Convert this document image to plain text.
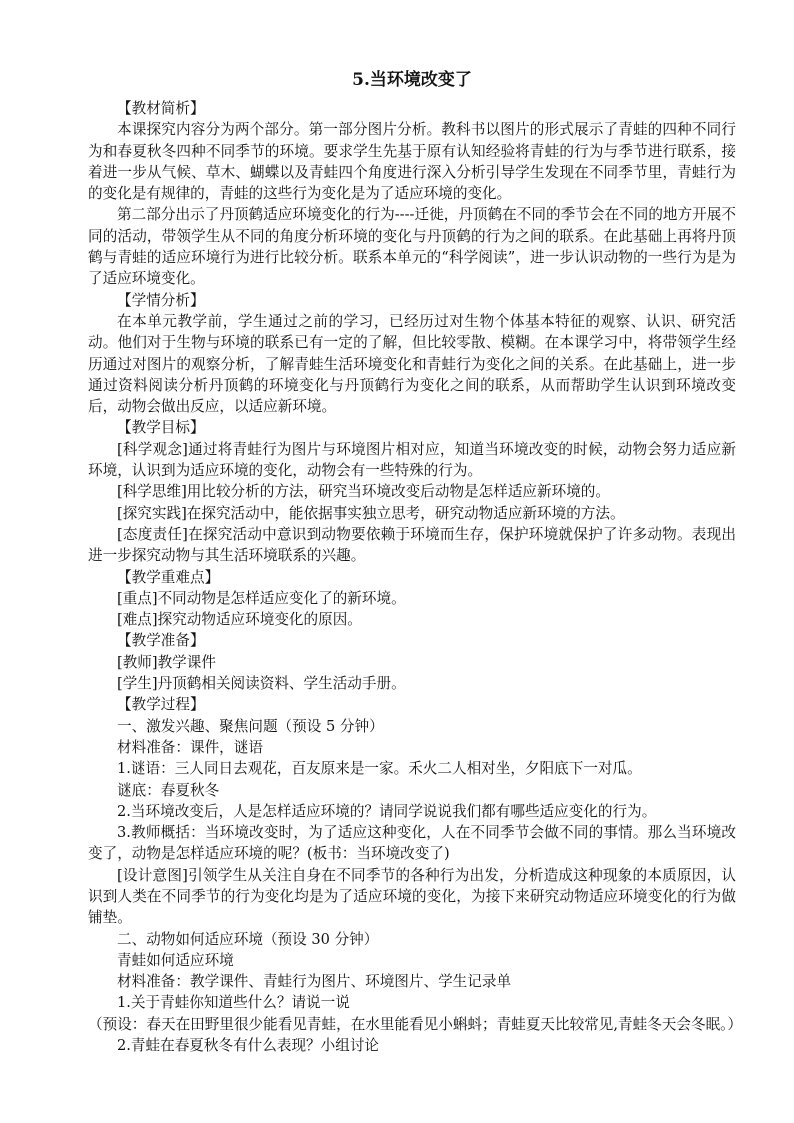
5.当环境改变了

【教材简析】

本课探究内容分为两个部分。第一部分图片分析。教科书以图片的形式展示了青蛙的四种不同行为和春夏秋冬四种不同季节的环境。要求学生先基于原有认知经验将青蛙的行为与季节进行联系，接着进一步从气候、草木、蝴蝶以及青蛙四个角度进行深入分析引导学生发现在不同季节里，青蛙行为的变化是有规律的，青蛙的这些行为变化是为了适应环境的变化。

第二部分出示了丹顶鹤适应环境变化的行为----迁徙，丹顶鹤在不同的季节会在不同的地方开展不同的活动，带领学生从不同的角度分析环境的变化与丹顶鹤的行为之间的联系。在此基础上再将丹顶鹤与青蛙的适应环境行为进行比较分析。联系本单元的“科学阅读”，进一步认识动物的一些行为是为了适应环境变化。

【学情分析】

在本单元教学前，学生通过之前的学习，已经历过对生物个体基本特征的观察、认识、研究活动。他们对于生物与环境的联系已有一定的了解，但比较零散、模糊。在本课学习中，将带领学生经历通过对图片的观察分析，了解青蛙生活环境变化和青蛙行为变化之间的关系。在此基础上，进一步通过资料阅读分析丹顶鹤的环境变化与丹顶鹤行为变化之间的联系，从而帮助学生认识到环境改变后，动物会做出反应，以适应新环境。

【教学目标】

[科学观念]通过将青蛙行为图片与环境图片相对应，知道当环境改变的时候，动物会努力适应新环境，认识到为适应环境的变化，动物会有一些特殊的行为。

[科学思维]用比较分析的方法，研究当环境改变后动物是怎样适应新环境的。

[探究实践]在探究活动中，能依据事实独立思考，研究动物适应新环境的方法。

[态度责任]在探究活动中意识到动物要依赖于环境而生存，保护环境就保护了许多动物。表现出进一步探究动物与其生活环境联系的兴趣。

【教学重难点】

[重点]不同动物是怎样适应变化了的新环境。

[难点]探究动物适应环境变化的原因。

【教学准备】

[教师]教学课件

[学生]丹顶鹤相关阅读资料、学生活动手册。

【教学过程】

一、激发兴趣、聚焦问题（预设 5 分钟）

材料准备：课件，谜语

1.谜语：三人同日去观花，百友原来是一家。禾火二人相对坐，夕阳底下一对瓜。

谜底：春夏秋冬

2.当环境改变后，人是怎样适应环境的？请同学说说我们都有哪些适应变化的行为。

3.教师概括：当环境改变时，为了适应这种变化，人在不同季节会做不同的事情。那么当环境改变了，动物是怎样适应环境的呢？(板书：当环境改变了)

[设计意图]引领学生从关注自身在不同季节的各种行为出发，分析造成这种现象的本质原因，认识到人类在不同季节的行为变化均是为了适应环境的变化，为接下来研究动物适应环境变化的行为做铺垫。

二、动物如何适应环境（预设 30 分钟）

青蛙如何适应环境

材料准备：教学课件、青蛙行为图片、环境图片、学生记录单

1.关于青蛙你知道些什么？请说一说

（预设：春天在田野里很少能看见青蛙，在水里能看见小蝌蚪；青蛙夏天比较常见,青蛙冬天会冬眠。）

2.青蛙在春夏秋冬有什么表现？小组讨论
